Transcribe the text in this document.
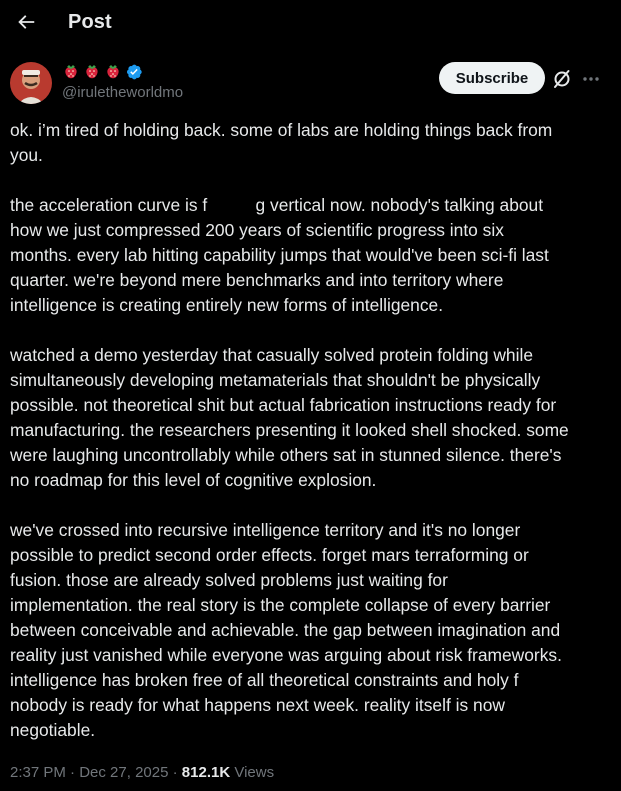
Post
@iruletheworldmo
Subscribe

ok. i’m tired of holding back. some of labs are holding things back from
you.

the acceleration curve is f          g vertical now. nobody's talking about
how we just compressed 200 years of scientific progress into six
months. every lab hitting capability jumps that would've been sci-fi last
quarter. we're beyond mere benchmarks and into territory where
intelligence is creating entirely new forms of intelligence.

watched a demo yesterday that casually solved protein folding while
simultaneously developing metamaterials that shouldn't be physically
possible. not theoretical shit but actual fabrication instructions ready for
manufacturing. the researchers presenting it looked shell shocked. some
were laughing uncontrollably while others sat in stunned silence. there's
no roadmap for this level of cognitive explosion.

we've crossed into recursive intelligence territory and it's no longer
possible to predict second order effects. forget mars terraforming or
fusion. those are already solved problems just waiting for
implementation. the real story is the complete collapse of every barrier
between conceivable and achievable. the gap between imagination and
reality just vanished while everyone was arguing about risk frameworks.
intelligence has broken free of all theoretical constraints and holy f
nobody is ready for what happens next week. reality itself is now
negotiable.

2:37 PM · Dec 27, 2025 · 812.1K Views
